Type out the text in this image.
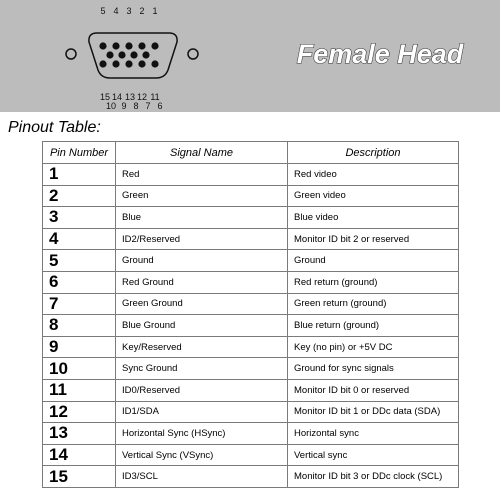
5 4 3 2 1
15 14 13 12 11
10 9 8 7 6
Female Head
Pinout Table:
Pin Number	Signal Name	Description
1	Red	Red video
2	Green	Green video
3	Blue	Blue video
4	ID2/Reserved	Monitor ID bit 2 or reserved
5	Ground	Ground
6	Red Ground	Red return (ground)
7	Green Ground	Green return (ground)
8	Blue Ground	Blue return (ground)
9	Key/Reserved	Key (no pin) or +5V DC
10	Sync Ground	Ground for sync signals
11	ID0/Reserved	Monitor ID bit 0 or reserved
12	ID1/SDA	Monitor ID bit 1 or DDc data (SDA)
13	Horizontal Sync (HSync)	Horizontal sync
14	Vertical Sync (VSync)	Vertical sync
15	ID3/SCL	Monitor ID bit 3 or DDc clock (SCL)
